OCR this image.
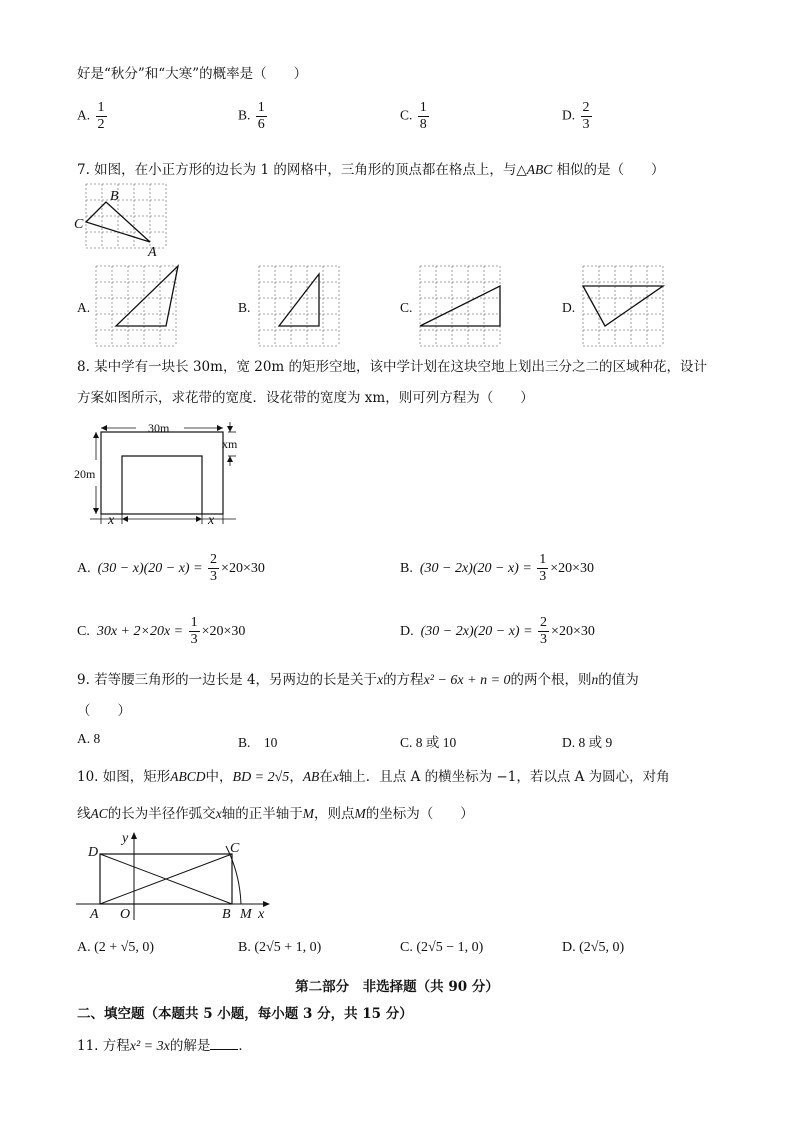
好是“秋分”和“大寒”的概率是（　　）
A. $\frac{1}{2}$	B. $\frac{1}{6}$	C. $\frac{1}{8}$	D. $\frac{2}{3}$
7. 如图，在小正方形的边长为 1 的网格中，三角形的顶点都在格点上，与△ABC 相似的是（　　）
B
C
A
A.	B.	C.	D.
8. 某中学有一块长 30m，宽 20m 的矩形空地，该中学计划在这块空地上划出三分之二的区域种花，设计
方案如图所示，求花带的宽度．设花带的宽度为 xm，则可列方程为（　　）
30m
20m
xm
x	x
A. $(30 - x)(20 - x) = \frac{2}{3} \times 20\times 30$	B. $(30 - 2x)(20 - x) = \frac{1}{3} \times 20\times 30$
C. $30x + 2\times 20x = \frac{1}{3} \times 20\times 30$	D. $(30 - 2x)(20 - x) = \frac{2}{3} \times 20\times 30$
9. 若等腰三角形的一边长是 4，另两边的长是关于x的方程x² − 6x + n = 0的两个根，则n的值为
（　　）
A. 8	B.　10	C. 8 或 10	D. 8 或 9
10. 如图，矩形ABCD中，BD = 2√5，AB在x轴上．且点 A 的横坐标为 −1，若以点 A 为圆心，对角
线AC的长为半径作弧交x轴的正半轴于M，则点M的坐标为（　　）
D
y
C
A O	B M x
A. (2 + √5, 0)	B. (2√5 + 1, 0)	C. (2√5 − 1, 0)	D. (2√5, 0)
第二部分　非选择题（共 90 分）
二、填空题（本题共 5 小题，每小题 3 分，共 15 分）
11. 方程x² = 3x的解是 ．
